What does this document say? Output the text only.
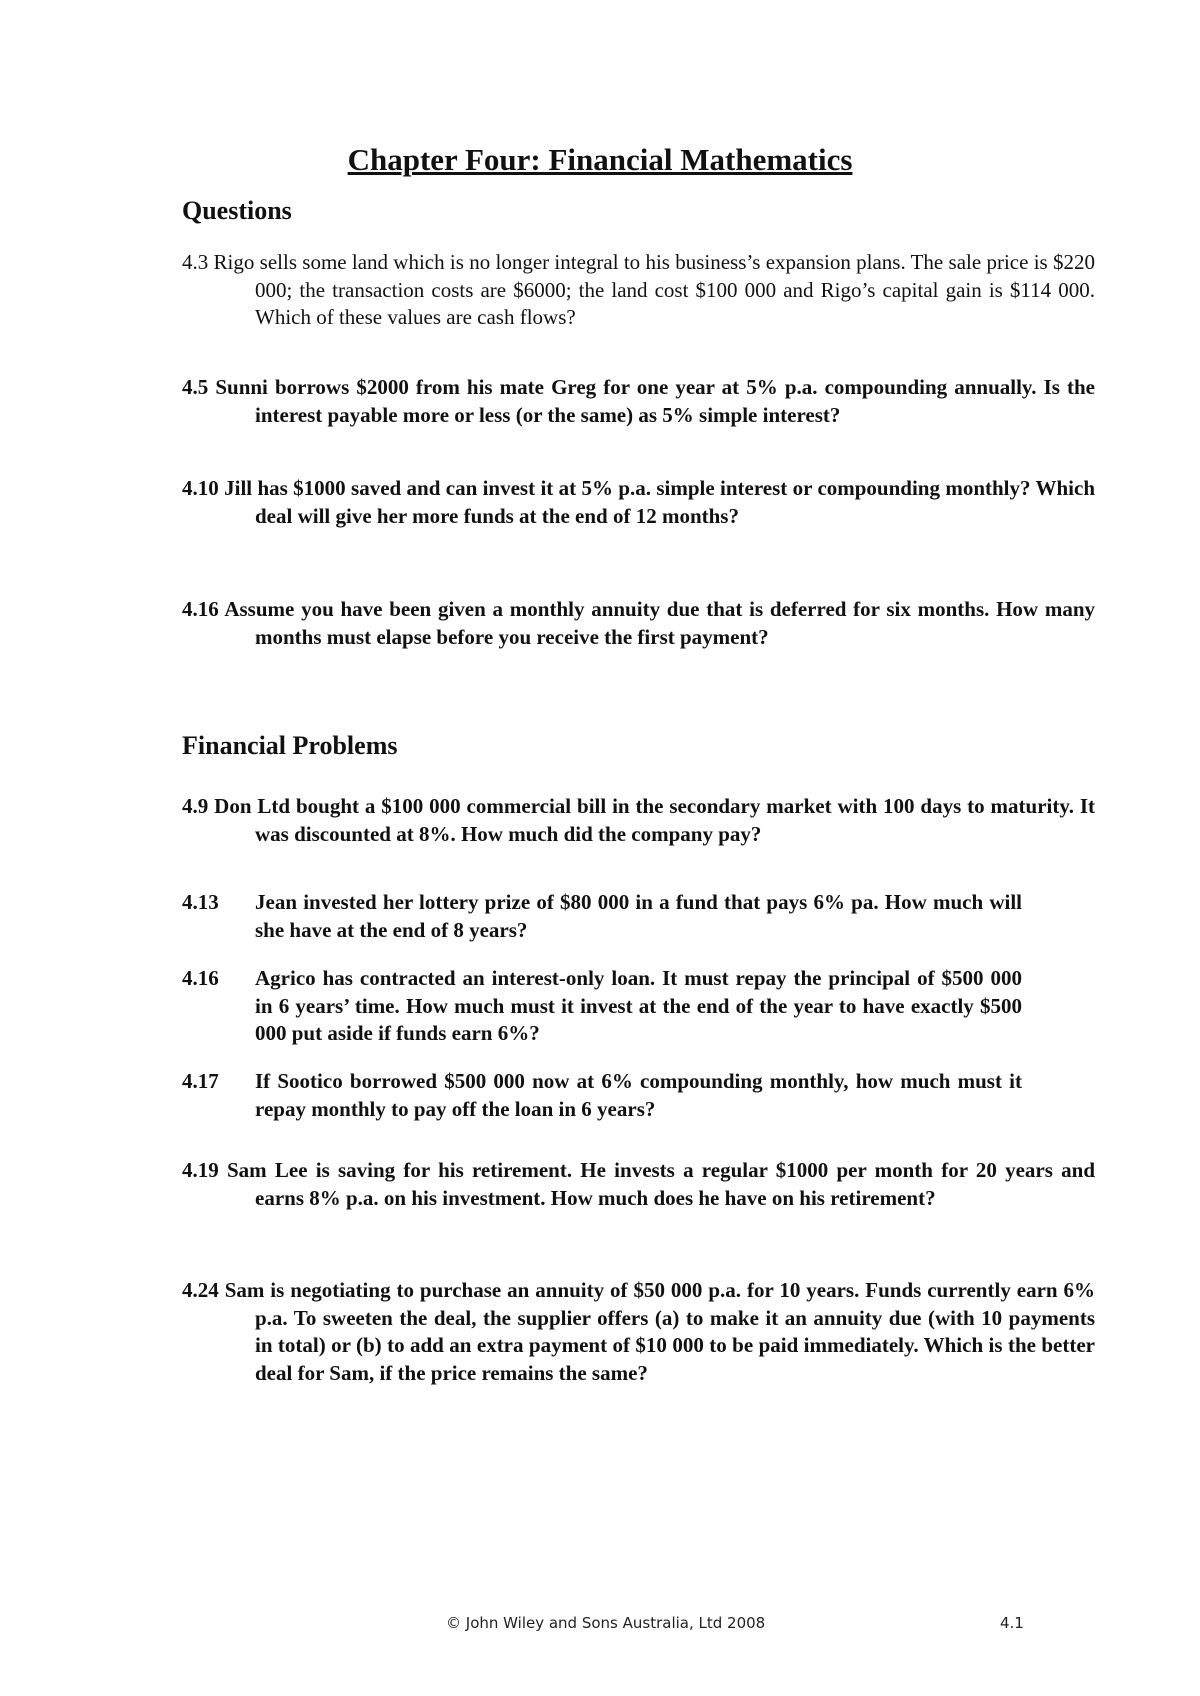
Chapter Four: Financial Mathematics
Questions

4.3 Rigo sells some land which is no longer integral to his business’s expansion plans. The sale price is $220 000; the transaction costs are $6000; the land cost $100 000 and Rigo’s capital gain is $114 000. Which of these values are cash flows?

4.5 Sunni borrows $2000 from his mate Greg for one year at 5% p.a. compounding annually. Is the interest payable more or less (or the same) as 5% simple interest?

4.10 Jill has $1000 saved and can invest it at 5% p.a. simple interest or compounding monthly? Which deal will give her more funds at the end of 12 months?

4.16 Assume you have been given a monthly annuity due that is deferred for six months. How many months must elapse before you receive the first payment?

Financial Problems

4.9 Don Ltd bought a $100 000 commercial bill in the secondary market with 100 days to maturity. It was discounted at 8%. How much did the company pay?

4.13	Jean invested her lottery prize of $80 000 in a fund that pays 6% pa. How much will she have at the end of 8 years?
4.16	Agrico has contracted an interest-only loan. It must repay the principal of $500 000 in 6 years’ time. How much must it invest at the end of the year to have exactly $500 000 put aside if funds earn 6%?
4.17	If Sootico borrowed $500 000 now at 6% compounding monthly, how much must it repay monthly to pay off the loan in 6 years?

4.19 Sam Lee is saving for his retirement. He invests a regular $1000 per month for 20 years and earns 8% p.a. on his investment. How much does he have on his retirement?

4.24 Sam is negotiating to purchase an annuity of $50 000 p.a. for 10 years. Funds currently earn 6% p.a. To sweeten the deal, the supplier offers (a) to make it an annuity due (with 10 payments in total) or (b) to add an extra payment of $10 000 to be paid immediately. Which is the better deal for Sam, if the price remains the same?

© John Wiley and Sons Australia, Ltd 2008	4.1
